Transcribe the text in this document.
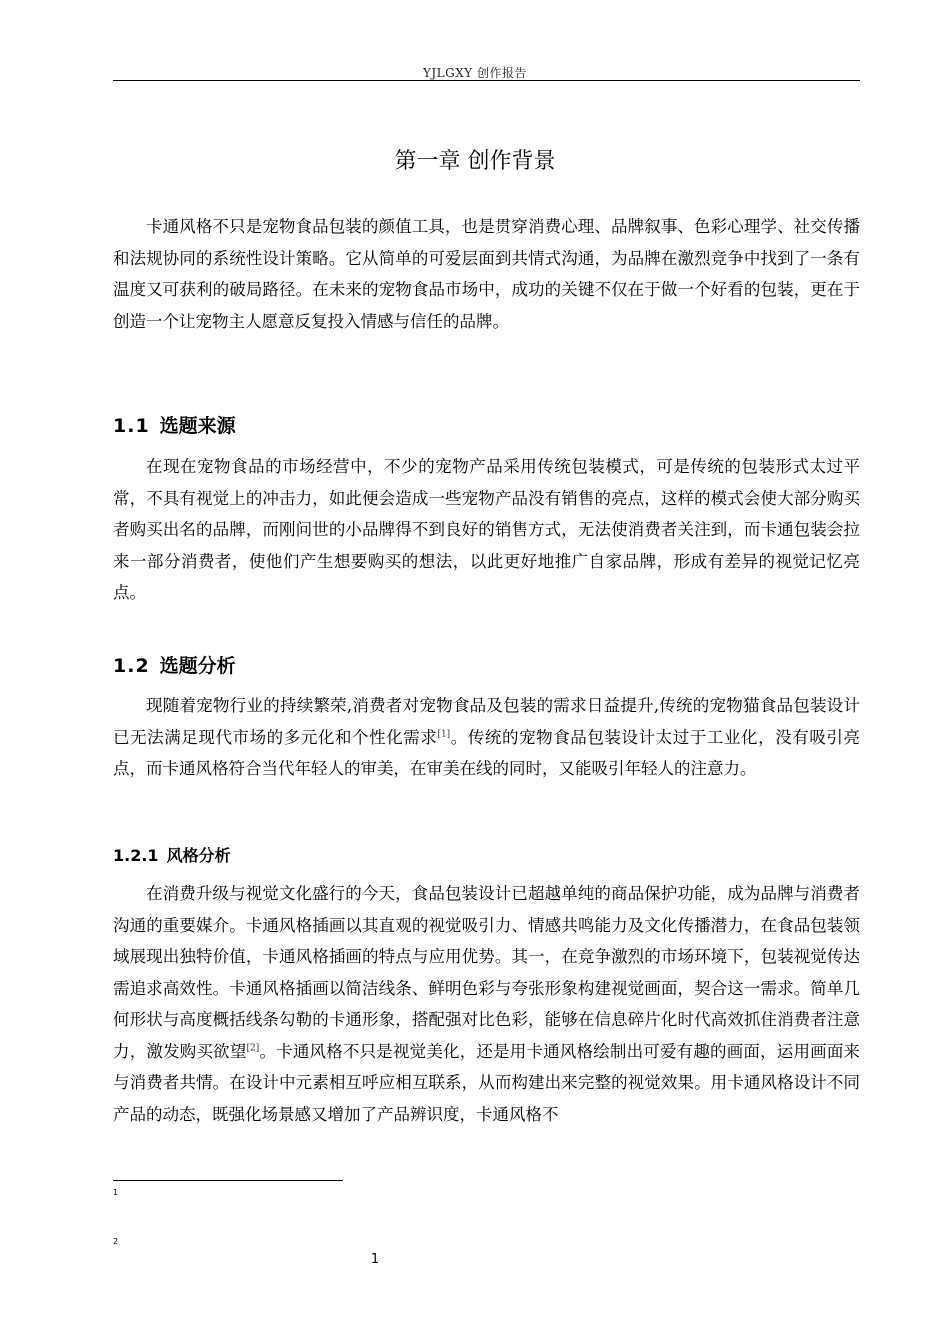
YJLGXY 创作报告
第一章 创作背景

卡通风格不只是宠物食品包装的颜值工具，也是贯穿消费心理、品牌叙事、色彩心理学、社交传播和法规协同的系统性设计策略。它从简单的可爱层面到共情式沟通，为品牌在激烈竞争中找到了一条有温度又可获利的破局路径。在未来的宠物食品市场中，成功的关键不仅在于做一个好看的包装，更在于创造一个让宠物主人愿意反复投入情感与信任的品牌。

1.1 选题来源

在现在宠物食品的市场经营中，不少的宠物产品采用传统包装模式，可是传统的包装形式太过平常，不具有视觉上的冲击力，如此便会造成一些宠物产品没有销售的亮点，这样的模式会使大部分购买者购买出名的品牌，而刚问世的小品牌得不到良好的销售方式，无法使消费者关注到，而卡通包装会拉来一部分消费者，使他们产生想要购买的想法，以此更好地推广自家品牌，形成有差异的视觉记忆亮点。

1.2 选题分析

现随着宠物行业的持续繁荣,消费者对宠物食品及包装的需求日益提升,传统的宠物猫食品包装设计已无法满足现代市场的多元化和个性化需求[1]。传统的宠物食品包装设计太过于工业化，没有吸引亮点，而卡通风格符合当代年轻人的审美，在审美在线的同时，又能吸引年轻人的注意力。

1.2.1 风格分析

在消费升级与视觉文化盛行的今天，食品包装设计已超越单纯的商品保护功能，成为品牌与消费者沟通的重要媒介。卡通风格插画以其直观的视觉吸引力、情感共鸣能力及文化传播潜力，在食品包装领域展现出独特价值，卡通风格插画的特点与应用优势。其一，在竞争激烈的市场环境下，包装视觉传达需追求高效性。卡通风格插画以简洁线条、鲜明色彩与夸张形象构建视觉画面，契合这一需求。简单几何形状与高度概括线条勾勒的卡通形象，搭配强对比色彩，能够在信息碎片化时代高效抓住消费者注意力，激发购买欲望[2]。卡通风格不只是视觉美化，还是用卡通风格绘制出可爱有趣的画面，运用画面来与消费者共情。在设计中元素相互呼应相互联系，从而构建出来完整的视觉效果。用卡通风格设计不同产品的动态，既强化场景感又增加了产品辨识度，卡通风格不

1
2
1
